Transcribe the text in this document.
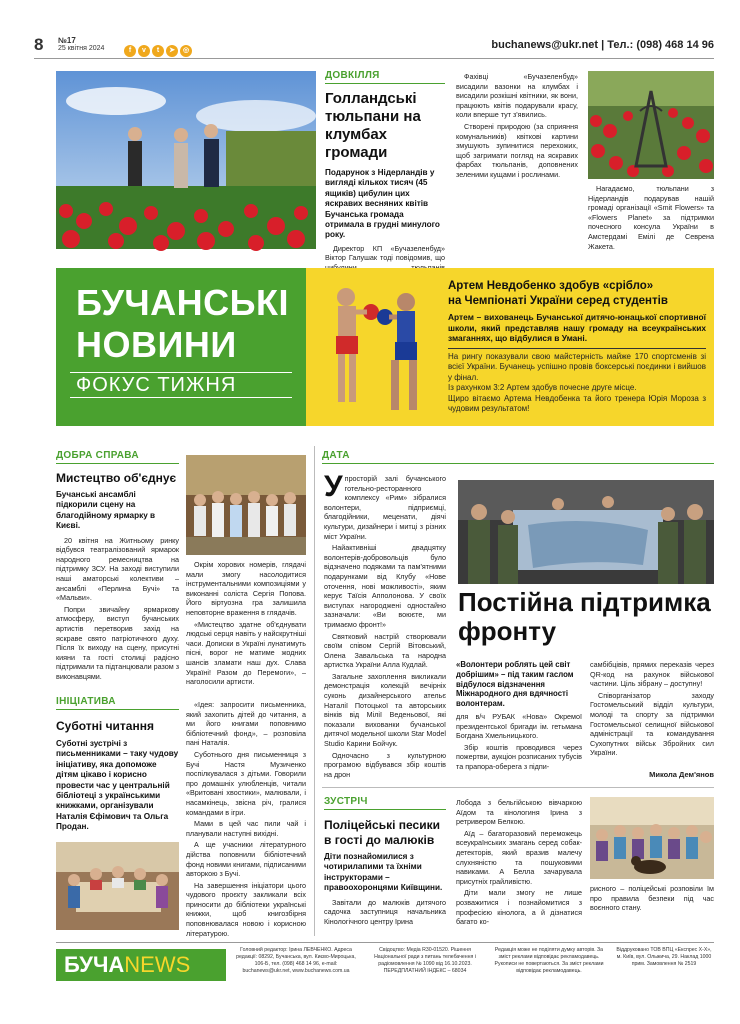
8 №17
25 квітня 2024	f v t ➤ ◎	buchanews@ukr.net | Тел.: (098) 468 14 96
ДОВКІЛЛЯ
Голландські тюльпани на клумбах громади
Подарунок з Нідерландів у вигляді кількох тисяч (45 ящиків) цибулин цих яскравих весняних квітів Бучанська громада отримала в грудні минулого року.
Директор КП «Бучазеленбуд» Віктор Галушак тоді повідомив, що

Фахівці «Бучазеленбуд» висадили вазонки на клумбах і висадили розкішні квітники, як вони, працюють квітів подарували красу, коли вперше тут з'явились.

Створені природою (за сприяння комунальників) квіткові картини змушують зупинитися перехожих, щоб загримати погляд на яскравих фарбах тюльпанів, доповнених зеленими кущами і рослинами.

Нагадаємо, тюльпани з Нідерландів подарував нашій громаді організації «Smit Flowers» та «Flowers Planet» за підтримки почесного консула України в Амстердамі Емілі де Севрена Жакета.
БУЧАНСЬКІ
НОВИНИ
ФОКУС ТИЖНЯ
Артем Невдобенко здобув «срібло»
на Чемпіонаті України серед студентів
Артем – вихованець Бучанської дитячо-юнацької спортивної школи, який представляв нашу громаду на всеукраїнських змаганнях, що відбулися в Умані.
На рингу показували свою майстерність майже 170 спортсменів зі всієї України. Бучанець успішно провів боксерські поєдинки і вийшов у фінал.
Із рахунком 3:2 Артем здобув почесне друге місце.
Щиро вітаємо Артема Невдобенка та його тренера Юрія Мороза з чудовим результатом!
ДОБРА СПРАВА
Мистецтво об'єднує
Бучанські ансамблі підкорили сцену на благодійному ярмарку в Києві.

20 квітня на Житньому ринку відбувся театралізований ярмарок народного ремесництва на підтримку ЗСУ. На заході виступили наші аматорські колективи – ансамблі «Перлина Бучі» та «Мальви».

Попри звичайну ярмаркову атмосферу, виступ бучанських артистів перетворив захід на яскраве свято патріотичного духу. Після їх виходу на сцену, присутні кияни та гості столиці радісно підтримали та підтанцювали разом з виконавцями.

Окрім хорових номерів, глядачі мали змогу насолодитися інструментальними композиціями у виконанні соліста Сергія Попова. Його віртуозна гра залишила неповторне враження в глядачів.

«Мистецтво здатне об'єднувати людські серця навіть у найскрутніші часи. Дописки в Україні лунатимуть пісні, ворог не матиме жодних шансів зламати наш дух. Слава Україні! Разом до Перемоги», – наголосили артисти.

ІНІЦІАТИВА
Суботні читання
Суботні зустрічі з письменниками – таку чудову ініціативу, яка допоможе дітям цікаво і корисно провести час у центральній бібліотеці з українськими книжками, організували Наталія Єфімович та Ольга Продан.

«Ідея: запросити письменника, який захопить дітей до читання, а ми його книгами поповнимо бібліотечний фонд», – розповіла пані Наталія.

Суботнього дня письменниця з Бучі Настя Музиченко поспілкувалася з дітьми. Говорили про домашніх улюбленців, читали «Вритовані хвостики», малювали, і насамкінець, звісна річ, гралися командами в ігри.

Мами в цей час пили чай і планували наступні вихідні.

А ще учасники літературного дійства поповнили бібліотечний фонд новими книгами, підписаними авторкою з Бучі.

На завершення ініціатори цього чудового проєкту закликали всіх приносити до бібліотеки українські книжки, щоб книгозбірня поповнювалася новою і корисною літературою.

ДАТА

Упросторій залі бучанського готельно-ресторанного комплексу «Рим» зібралися волонтери, підприємці, благодійники, меценати, діячі культури, дизайнери і митці з різних міст України.

Найактивніші двадцятку волонтерів-добровольців було відзначено подяками та пам'ятними подарунками від Клубу «Нове оточення, нові можливості», яким керує Таїсія Апполонова. У своїх виступах нагороджені одностайно зазначали: «Ви воюєте, ми тримаємо фронт!»

Святковий настрій створювали своїм співом Сергій Вітовський, Олена Завальська та народна артистка України Алла Кудлай.

Загальне захоплення викликали демонстрація колекцій вечірніх суконь дизайнерського ательє Наталії Потоцької та авторських вінків від Мілії Веденьової, які показали вихованки бучанської дитячої модельної школи Star Model Studio Карини Бойчук.

Одночасно з культурною програмою відбувався збір коштів на дрон

Постійна підтримка фронту
«Волонтери роблять цей світ добрішим» – під таким гаслом відбулося відзначення Міжнародного дня вдячності волонтерам.

для в/ч РУБАК «Нова» Окремої президентської бригади ім. гетьмана Богдана Хмельницького.

Збір коштів проводився через пожертви, аукціон розписаних тубусів та прапора-оберега з підпи-

самбібцівів, прямих переказів через QR-код на рахунок військової частини. Ціль зібрану – доступну!

Співорганізатор заходу Гостомельський відділ культури, молоді та спорту за підтримки Гостомельської селищної військової адміністрації та командування Сухопутних військ Збройних сил України.

Микола Дем'янов
ЗУСТРІЧ
Поліцейські песики в гості до малюків
Діти познайомилися з чотирилапими та їхніми інструкторами – правоохоронцями Київщини.
Завітали до малюків дитячого садочка заступниця начальника Кінологічного центру Ірина

Лобода з бельгійською вівчаркою Аїдом та кінологиня Ірина з ретривером Белкою.

Аїд – багаторазовий переможець всеукраїнських змагань серед собак-детекторів, який вразив малечу слухняністю та пошуковими навиками. А Белла зачарувала присутніх грайливістю.

Діти мали змогу не лише розважитися і познайомитися з професією кінолога, а й дізнатися багато ко-

рисного – поліцейські розповіли їм про правила безпеки під час воєнного стану.
БУЧАNEWS
Головний редактор: Ірина ЛЕВЧЕНКО. Адреса редакції: 08292, Бучанська, вул. Києво-Мироцька, 106-Б, тел. (098) 468 14 96, e-mail: buchanews@ukr.net, www.buchanews.com.ua
Свідоцтво: Медіа R30-01520. Рішення Національної ради з питань телебачення і радіомовлення № 1090 від 16.10.2023. ПЕРЕДПЛАТНИЙ ІНДЕКС – 68034
Редакція може не поділяти думку авторів. За зміст реклами відповідає рекламодавець. Рукописи не повертаються. За зміст реклами відповідає рекламодавець.
Віддруковано ТОВ ВПЦ «Експрес Х-Х», м. Київ, вул. Ольжича, 29. Наклад 1000 прим. Замовлення № 2519
